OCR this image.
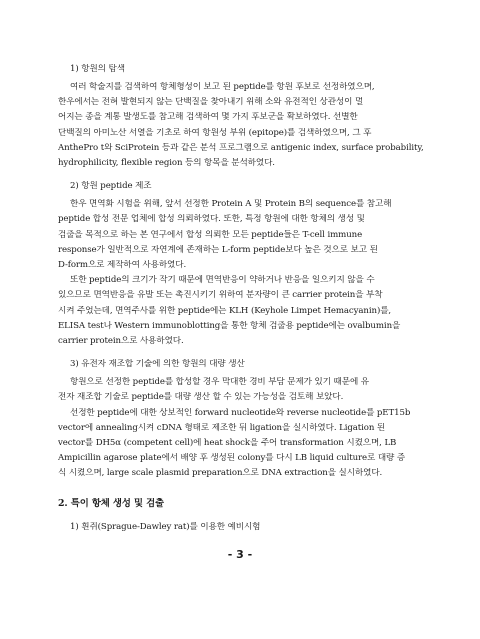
1) 항원의 탐색
여러 학술지를 검색하여 항체형성이 보고 된 peptide를 항원 후보로 선정하였으며,
한우에서는 전혀 발현되지 않는 단백질을 찾아내기 위해 소와 유전적인 상관성이 멀
어지는 종을 계통 발생도를 참고해 검색하여 몇 가지 후보군을 확보하였다. 선별한
단백질의 아미노산 서열을 기초로 하여 항원성 부위 (epitope)를 검색하였으며, 그 후
AnthePro t와 SciProtein 등과 같은 분석 프로그램으로 antigenic index, surface probability,
hydrophilicity, flexible region 등의 항목을 분석하였다.
2) 항원 peptide 제조
한우 면역화 시험을 위해, 앞서 선정한 Protein A 및 Protein B의 sequence를 참고해
peptide 합성 전문 업체에 합성 의뢰하였다. 또한, 특정 항원에 대한 항체의 생성 및
검출을 목적으로 하는 본 연구에서 합성 의뢰한 모든 peptide들은 T-cell immune
response가 일반적으로 자연계에 존재하는 L-form peptide보다 높은 것으로 보고 된
D-form으로 제작하여 사용하였다.
또한 peptide의 크기가 작기 때문에 면역반응이 약하거나 반응을 일으키지 않을 수
있으므로 면역반응을 유발 또는 촉진시키기 위하여 분자량이 큰 carrier protein을 부착
시켜 주었는데, 면역주사를 위한 peptide에는 KLH (Keyhole Limpet Hemacyanin)를,
ELISA test나 Western immunoblotting을 통한 항체 검출용 peptide에는 ovalbumin을
carrier protein으로 사용하였다.
3) 유전자 재조합 기술에 의한 항원의 대량 생산
항원으로 선정한 peptide를 합성할 경우 막대한 경비 부담 문제가 있기 때문에 유
전자 재조합 기술로 peptide를 대량 생산 할 수 있는 가능성을 검토해 보았다.
선정한 peptide에 대한 상보적인 forward nucleotide와 reverse nucleotide를 pET15b
vector에 annealing시켜 cDNA 형태로 제조한 뒤 ligation을 실시하였다. Ligation 된
vector를 DH5α (competent cell)에 heat shock을 주어 transformation 시켰으며, LB
Ampicillin agarose plate에서 배양 후 생성된 colony를 다시 LB liquid culture로 대량 증
식 시켰으며, large scale plasmid preparation으로 DNA extraction을 실시하였다.
2. 특이 항체 생성 및 검출
1) 흰쥐(Sprague-Dawley rat)를 이용한 예비시험
- 3 -
